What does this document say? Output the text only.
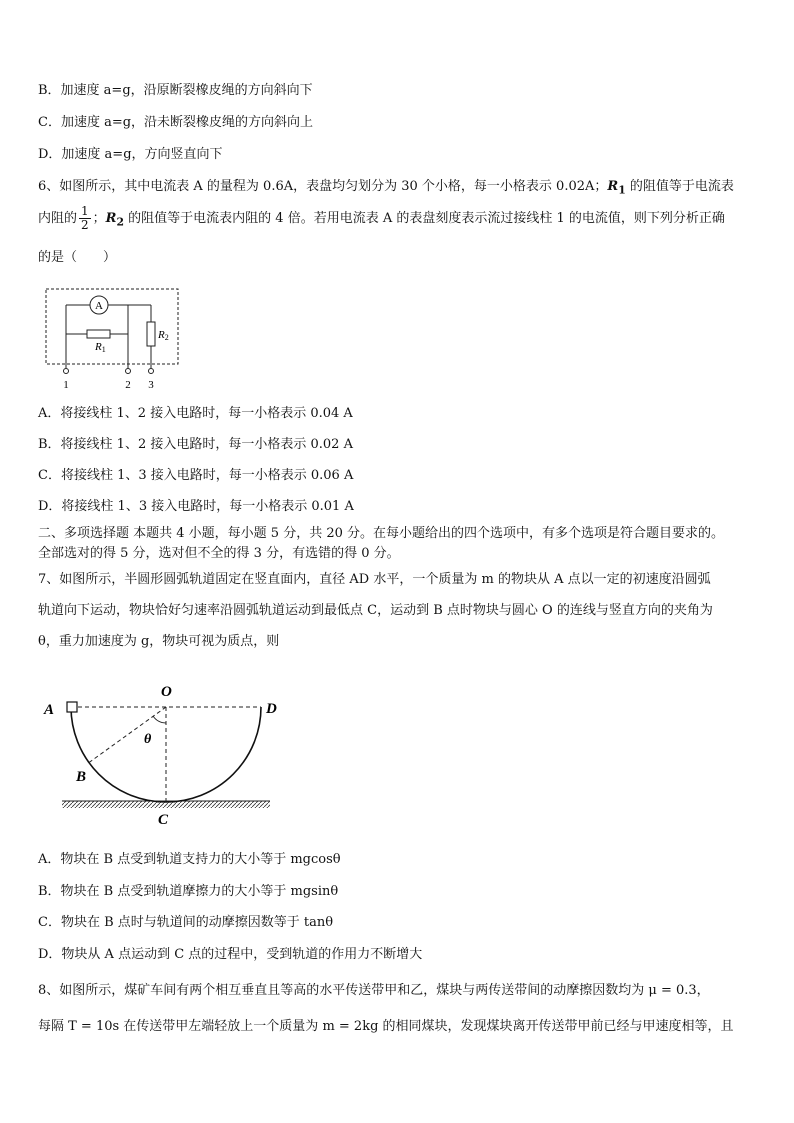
B．加速度 a=g，沿原断裂橡皮绳的方向斜向下
C．加速度 a=g，沿未断裂橡皮绳的方向斜向上
D．加速度 a=g，方向竖直向下
6、如图所示，其中电流表 A 的量程为 0.6A，表盘均匀划分为 30 个小格，每一小格表示 0.02A；$R_1$ 的阻值等于电流表
内阻的 $\frac{1}{2}$ ；$R_2$ 的阻值等于电流表内阻的 4 倍。若用电流表 A 的表盘刻度表示流过接线柱 1 的电流值，则下列分析正确
的是（　　）
A
R1
R2
1	2 3
A．将接线柱 1、2 接入电路时，每一小格表示 0.04 A
B．将接线柱 1、2 接入电路时，每一小格表示 0.02 A
C．将接线柱 1、3 接入电路时，每一小格表示 0.06 A
D．将接线柱 1、3 接入电路时，每一小格表示 0.01 A
二、多项选择题 本题共 4 小题，每小题 5 分，共 20 分。在每小题给出的四个选项中，有多个选项是符合题目要求的。
全部选对的得 5 分，选对但不全的得 3 分，有选错的得 0 分。
7、如图所示，半圆形圆弧轨道固定在竖直面内，直径 AD 水平，一个质量为 m 的物块从 A 点以一定的初速度沿圆弧
轨道向下运动，物块恰好匀速率沿圆弧轨道运动到最低点 C，运动到 B 点时物块与圆心 O 的连线与竖直方向的夹角为
θ，重力加速度为 g，物块可视为质点，则
A
O
D
B
C
θ
A．物块在 B 点受到轨道支持力的大小等于 mgcosθ
B．物块在 B 点受到轨道摩擦力的大小等于 mgsinθ
C．物块在 B 点时与轨道间的动摩擦因数等于 tanθ
D．物块从 A 点运动到 C 点的过程中，受到轨道的作用力不断增大
8、如图所示，煤矿车间有两个相互垂直且等高的水平传送带甲和乙，煤块与两传送带间的动摩擦因数均为 μ = 0.3，
每隔 T = 10s 在传送带甲左端轻放上一个质量为 m = 2kg 的相同煤块，发现煤块离开传送带甲前已经与甲速度相等，且
